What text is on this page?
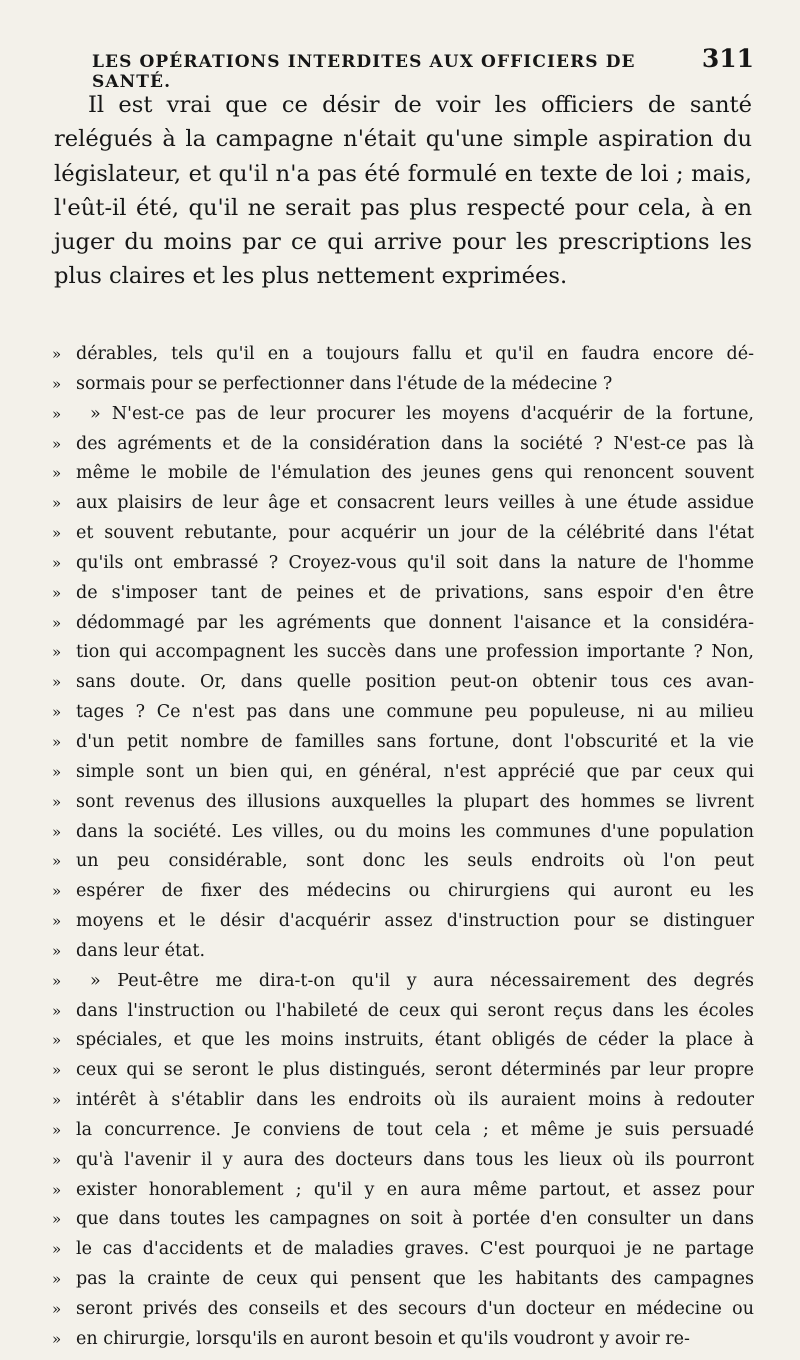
LES OPÉRATIONS INTERDITES AUX OFFICIERS DE SANTÉ.
311

Il est vrai que ce désir de voir les officiers de santé relégués à la campagne n'était qu'une simple aspiration du législateur, et qu'il n'a pas été formulé en texte de loi ; mais, l'eût-il été, qu'il ne serait pas plus respecté pour cela, à en juger du moins par ce qui arrive pour les prescriptions les plus claires et les plus nettement exprimées.

» dérables, tels qu'il en a toujours fallu et qu'il en faudra encore dé-
» sormais pour se perfectionner dans l'étude de la médecine ?
»	» N'est-ce pas de leur procurer les moyens d'acquérir de la fortune,
» des agréments et de la considération dans la société ? N'est-ce pas là
» même le mobile de l'émulation des jeunes gens qui renoncent souvent
» aux plaisirs de leur âge et consacrent leurs veilles à une étude assidue
» et souvent rebutante, pour acquérir un jour de la célébrité dans l'état
» qu'ils ont embrassé ? Croyez-vous qu'il soit dans la nature de l'homme
» de s'imposer tant de peines et de privations, sans espoir d'en être
» dédommagé par les agréments que donnent l'aisance et la considéra-
» tion qui accompagnent les succès dans une profession importante ? Non,
» sans doute. Or, dans quelle position peut-on obtenir tous ces avan-
» tages ? Ce n'est pas dans une commune peu populeuse, ni au milieu
» d'un petit nombre de familles sans fortune, dont l'obscurité et la vie
» simple sont un bien qui, en général, n'est apprécié que par ceux qui
» sont revenus des illusions auxquelles la plupart des hommes se livrent
» dans la société. Les villes, ou du moins les communes d'une population
» un peu considérable, sont donc les seuls endroits où l'on peut
» espérer de fixer des médecins ou chirurgiens qui auront eu les
» moyens et le désir d'acquérir assez d'instruction pour se distinguer
» dans leur état.
»	» Peut-être me dira-t-on qu'il y aura nécessairement des degrés
» dans l'instruction ou l'habileté de ceux qui seront reçus dans les écoles
» spéciales, et que les moins instruits, étant obligés de céder la place à
» ceux qui se seront le plus distingués, seront déterminés par leur propre
» intérêt à s'établir dans les endroits où ils auraient moins à redouter
» la concurrence. Je conviens de tout cela ; et même je suis persuadé
» qu'à l'avenir il y aura des docteurs dans tous les lieux où ils pourront
» exister honorablement ; qu'il y en aura même partout, et assez pour
» que dans toutes les campagnes on soit à portée d'en consulter un dans
» le cas d'accidents et de maladies graves. C'est pourquoi je ne partage
» pas la crainte de ceux qui pensent que les habitants des campagnes
» seront privés des conseils et des secours d'un docteur en médecine ou
» en chirurgie, lorsqu'ils en auront besoin et qu'ils voudront y avoir re-
